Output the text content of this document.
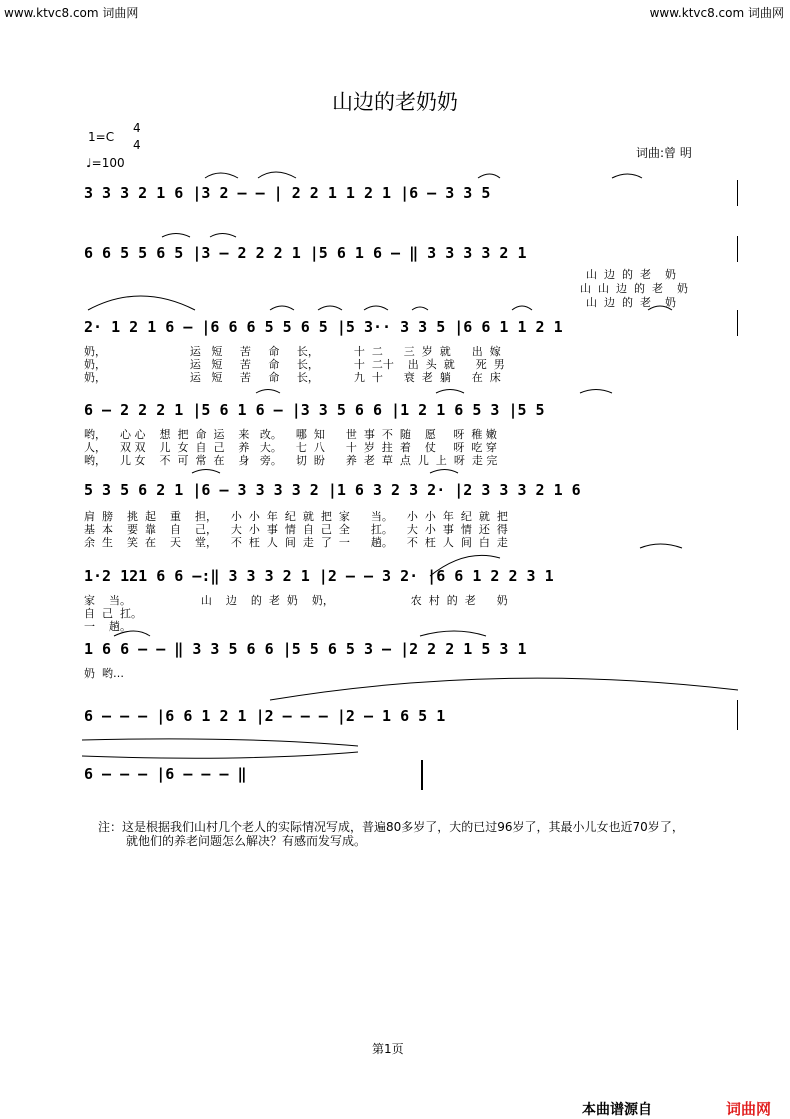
www.ktvc8.com 词曲网	www.ktvc8.com 词曲网
山边的老奶奶
1=C
4
4
♩=100
词曲:曾 明
3 3 3 2 1 6 |3 2 – – | 2 2 1 1 2 1 |6 – 3 3 5
6 6 5 5 6 5 |3 – 2 2 2 1 |5 6 1 6 – ‖ 3 3 3 3 2 1
2· 1 2 1 6 – |6 6 6 5 5 6 5 |5 3·· 3 3 5 |6 6 1 1 2 1
6 – 2 2 2 1 |5 6 1 6 – |3 3 5 6 6 |1 2 1 6 5 3 |5 5
5 3 5 6 2 1 |6 – 3 3 3 3 2 |1 6 3 2 3 2· |2 3 3 3 2 1 6
1·2 121 6 6 –:‖ 3 3 3 2 1 |2 – – 3 2· |6 6 1 2 2 3 1
1 6 6 – – ‖ 3 3 5 6 6 |5 5 6 5 3 – |2 2 2 1 5 3 1
6 – – – |6 6 1 2 1 |2 – – – |2 – 1 6 5 1
6 – – – |6 – – – ‖
山  边  的  老    奶
山  山  边  的  老    奶
山  边  的  老    奶
奶，                        运   短     苦     命     长，          十  二      三  岁  就      出  嫁
奶，                        运   短     苦     命     长，          十  二十    出  头  就      死  男
奶，                        运   短     苦     命     长，          九  十      衰  老  躺      在  床
哟，    心 心    想  把  命  运    来   改。    哪  知      世  事  不  随    愿     呀  稚 嫩
人，    双 双    儿  女  自  己    养   大。    七  八      十  岁  拄  着    仗     呀  吃 穿
哟，    儿 女    不  可  常  在    身   旁。    切  盼      养  老  草  点  儿  上  呀  走 完
肩  膀    挑  起    重    担，    小  小  年  纪  就  把  家      当。    小  小  年  纪  就  把
基  本    要  靠    自    己，    大  小  事  情  自  己  全      扛。    大  小  事  情  还  得
余  生    笑  在    天    堂，    不  枉  人  间  走  了  一      趟。    不  枉  人  间  白  走
家    当。                    山    边    的  老  奶    奶，                      农  村  的  老      奶
自  己  扛。
一    趟。
奶  哟…
注：这是根据我们山村几个老人的实际情况写成，普遍80多岁了，大的已过96岁了，其最小儿女也近70岁了，
就他们的养老问题怎么解决？有感而发写成。
第1页
本曲谱源自	词曲网
